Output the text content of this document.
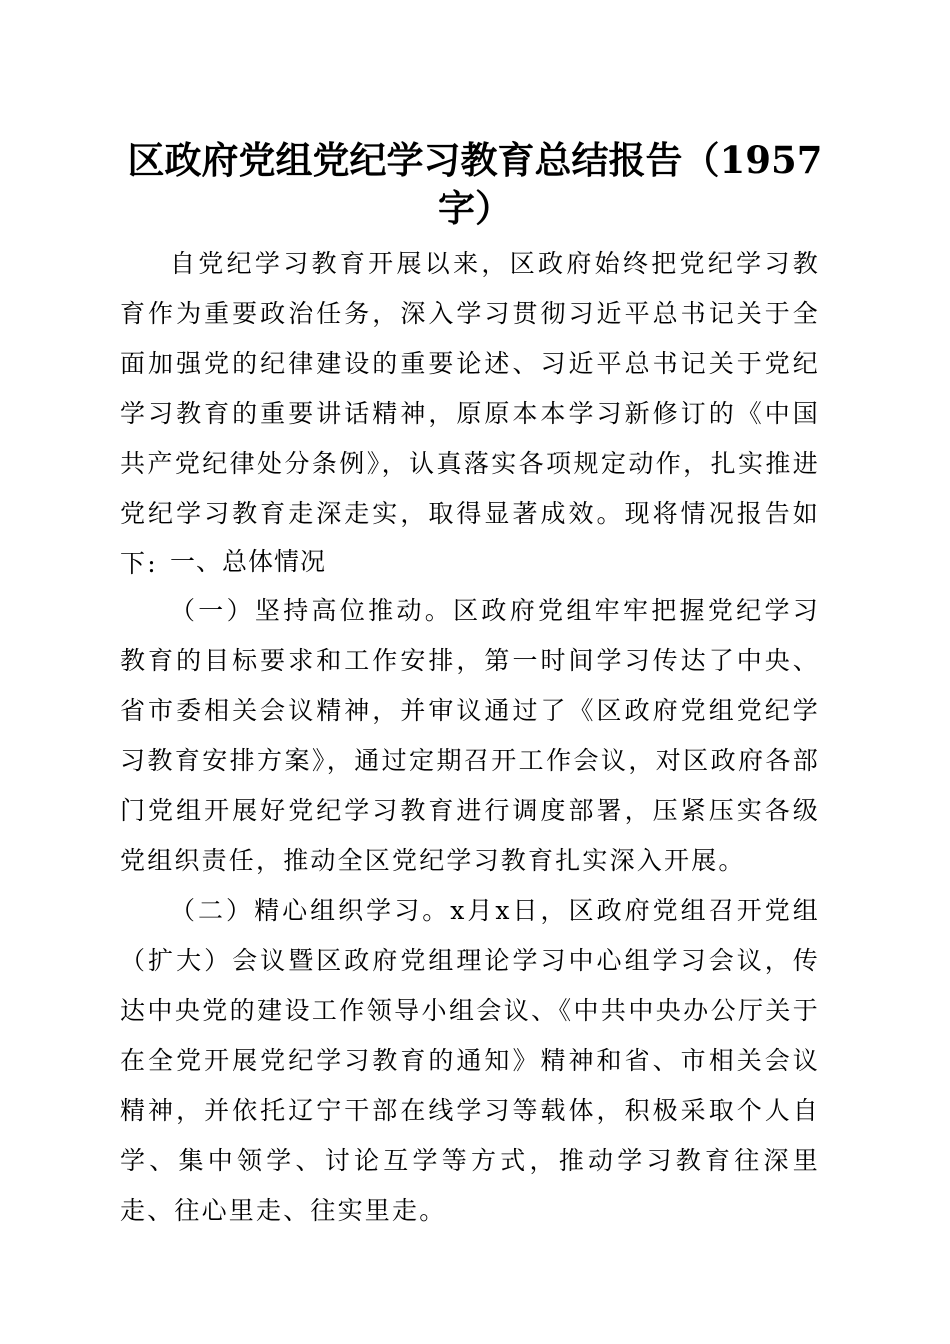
区政府党组党纪学习教育总结报告（1957字）
自党纪学习教育开展以来，区政府始终把党纪学习教育作为重要政治任务，深入学习贯彻习近平总书记关于全面加强党的纪律建设的重要论述、习近平总书记关于党纪学习教育的重要讲话精神，原原本本学习新修订的《中国共产党纪律处分条例》，认真落实各项规定动作，扎实推进党纪学习教育走深走实，取得显著成效。现将情况报告如下: 一、总体情况
（一）坚持高位推动。区政府党组牢牢把握党纪学习教育的目标要求和工作安排，第一时间学习传达了中央、省市委相关会议精神，并审议通过了《区政府党组党纪学习教育安排方案》，通过定期召开工作会议，对区政府各部门党组开展好党纪学习教育进行调度部署，压紧压实各级党组织责任，推动全区党纪学习教育扎实深入开展。
（二）精心组织学习。x月x日，区政府党组召开党组（扩大）会议暨区政府党组理论学习中心组学习会议，传达中央党的建设工作领导小组会议、《中共中央办公厅关于在全党开展党纪学习教育的通知》精神和省、市相关会议精神，并依托辽宁干部在线学习等载体，积极采取个人自学、集中领学、讨论互学等方式，推动学习教育往深里走、往心里走、往实里走。
